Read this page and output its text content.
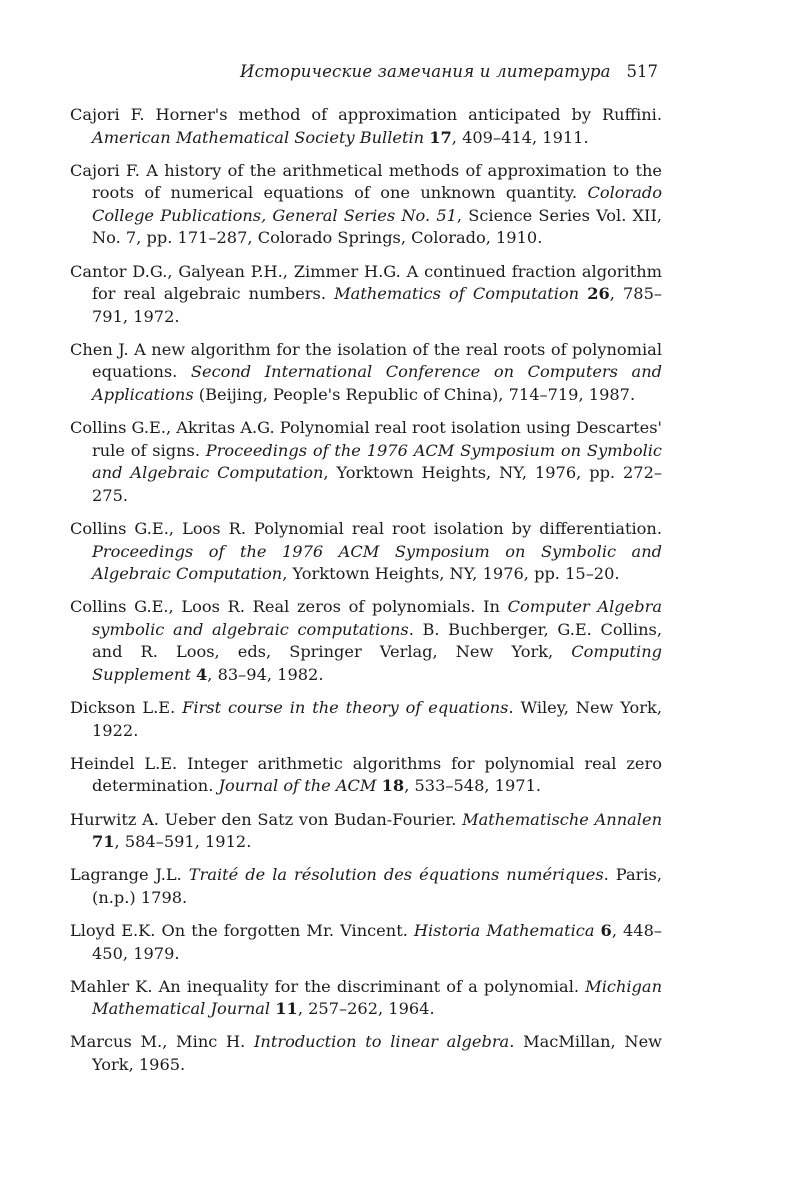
Исторические замечания и литература 517

Cajori F. Horner's method of approximation anticipated by Ruffini. American Mathematical Society Bulletin 17, 409–414, 1911.

Cajori F. A history of the arithmetical methods of approximation to the roots of numerical equations of one unknown quantity. Colorado College Publications, General Series No. 51, Science Series Vol. XII, No. 7, pp. 171–287, Colorado Springs, Colorado, 1910.

Cantor D.G., Galyean P.H., Zimmer H.G. A continued fraction algorithm for real algebraic numbers. Mathematics of Computation 26, 785–791, 1972.

Chen J. A new algorithm for the isolation of the real roots of polynomial equations. Second International Conference on Computers and Applications (Beijing, People's Republic of China), 714–719, 1987.

Collins G.E., Akritas A.G. Polynomial real root isolation using Descartes' rule of signs. Proceedings of the 1976 ACM Symposium on Symbolic and Algebraic Computation, Yorktown Heights, NY, 1976, pp. 272–275.

Collins G.E., Loos R. Polynomial real root isolation by differentiation. Proceedings of the 1976 ACM Symposium on Symbolic and Algebraic Computation, Yorktown Heights, NY, 1976, pp. 15–20.

Collins G.E., Loos R. Real zeros of polynomials. In Computer Algebra symbolic and algebraic computations. B. Buchberger, G.E. Collins, and R. Loos, eds, Springer Verlag, New York, Computing Supplement 4, 83–94, 1982.

Dickson L.E. First course in the theory of equations. Wiley, New York, 1922.

Heindel L.E. Integer arithmetic algorithms for polynomial real zero determination. Journal of the ACM 18, 533–548, 1971.

Hurwitz A. Ueber den Satz von Budan-Fourier. Mathematische Annalen 71, 584–591, 1912.

Lagrange J.L. Traité de la résolution des équations numériques. Paris, (n.p.) 1798.

Lloyd E.K. On the forgotten Mr. Vincent. Historia Mathematica 6, 448–450, 1979.

Mahler K. An inequality for the discriminant of a polynomial. Michigan Mathematical Journal 11, 257–262, 1964.

Marcus M., Minc H. Introduction to linear algebra. MacMillan, New York, 1965.
